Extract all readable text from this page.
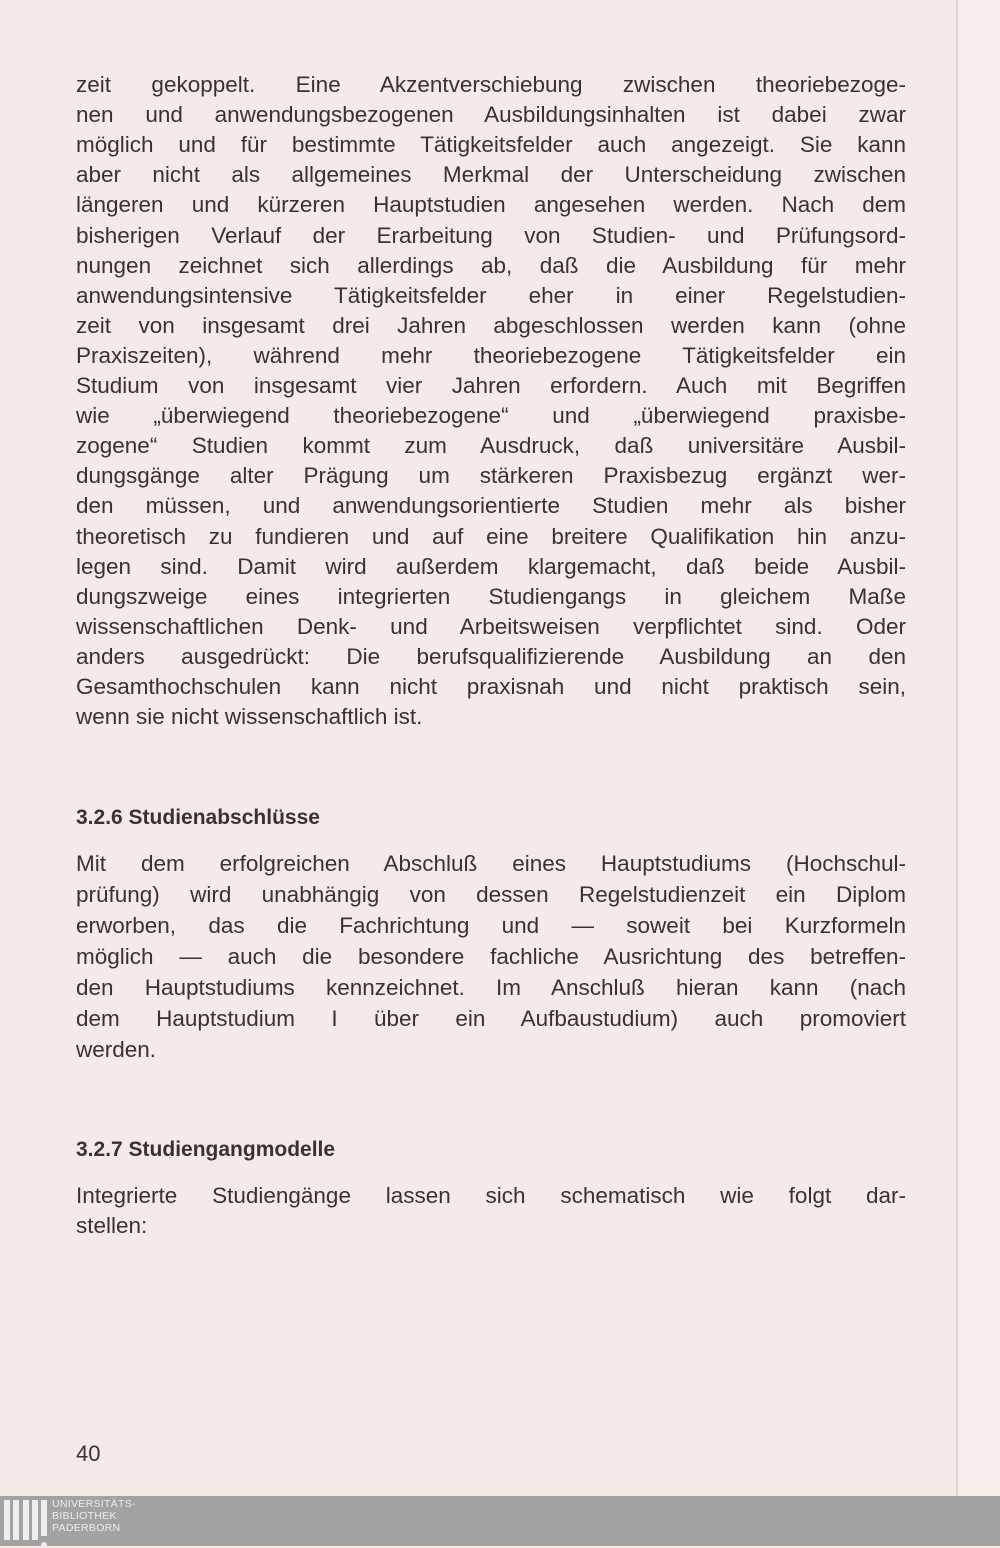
zeit gekoppelt. Eine Akzentverschiebung zwischen theoriebezoge-
nen und anwendungsbezogenen Ausbildungsinhalten ist dabei zwar
möglich und für bestimmte Tätigkeitsfelder auch angezeigt. Sie kann
aber nicht als allgemeines Merkmal der Unterscheidung zwischen
längeren und kürzeren Hauptstudien angesehen werden. Nach dem
bisherigen Verlauf der Erarbeitung von Studien- und Prüfungsord-
nungen zeichnet sich allerdings ab, daß die Ausbildung für mehr
anwendungsintensive Tätigkeitsfelder eher in einer Regelstudien-
zeit von insgesamt drei Jahren abgeschlossen werden kann (ohne
Praxiszeiten), während mehr theoriebezogene Tätigkeitsfelder ein
Studium von insgesamt vier Jahren erfordern. Auch mit Begriffen
wie „überwiegend theoriebezogene“ und „überwiegend praxisbe-
zogene“ Studien kommt zum Ausdruck, daß universitäre Ausbil-
dungsgänge alter Prägung um stärkeren Praxisbezug ergänzt wer-
den müssen, und anwendungsorientierte Studien mehr als bisher
theoretisch zu fundieren und auf eine breitere Qualifikation hin anzu-
legen sind. Damit wird außerdem klargemacht, daß beide Ausbil-
dungszweige eines integrierten Studiengangs in gleichem Maße
wissenschaftlichen Denk- und Arbeitsweisen verpflichtet sind. Oder
anders ausgedrückt: Die berufsqualifizierende Ausbildung an den
Gesamthochschulen kann nicht praxisnah und nicht praktisch sein,
wenn sie nicht wissenschaftlich ist.
3.2.6 Studienabschlüsse
Mit dem erfolgreichen Abschluß eines Hauptstudiums (Hochschul-
prüfung) wird unabhängig von dessen Regelstudienzeit ein Diplom
erworben, das die Fachrichtung und — soweit bei Kurzformeln
möglich — auch die besondere fachliche Ausrichtung des betreffen-
den Hauptstudiums kennzeichnet. Im Anschluß hieran kann (nach
dem Hauptstudium I über ein Aufbaustudium) auch promoviert
werden.
3.2.7 Studiengangmodelle
Integrierte Studiengänge lassen sich schematisch wie folgt dar-
stellen:
40
UNIVERSITÄTS-
BIBLIOTHEK
PADERBORN
